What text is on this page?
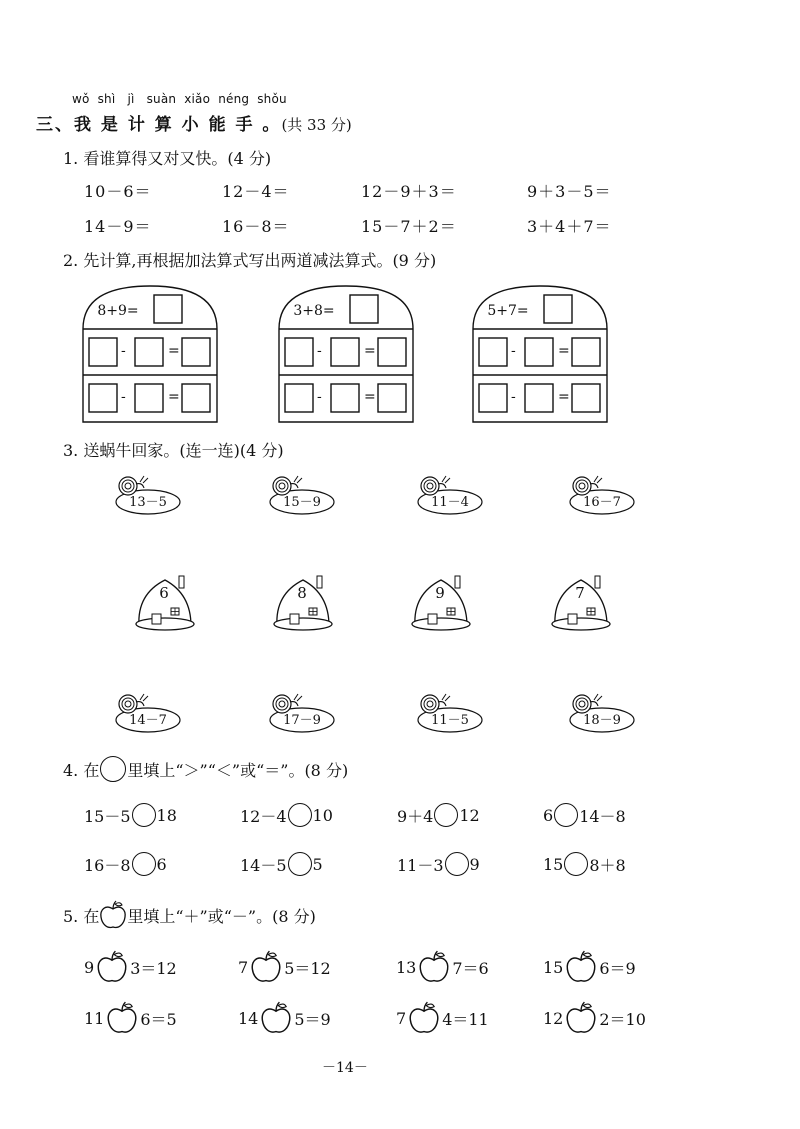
wǒ shì jì suàn xiǎo néng shǒu
三、我 是 计 算 小 能 手 。(共 33 分)
1. 看谁算得又对又快。(4 分)
10－6＝	12－4＝	12－9＋3＝	9＋3－5＝
14－9＝	16－8＝	15－7＋2＝	3＋4＋7＝
2. 先计算,再根据加法算式写出两道减法算式。(9 分)
8+9=
-	=
-	=
3+8=
-	=
-	=
5+7=
-	=
-	=
3. 送蜗牛回家。(连一连)(4 分)
13－5	15－9	11－4	16－7
6	8	9	7
14－7	17－9	11－5	18－9
4. 在 里填上“＞”“＜”或“＝”。(8 分)
15－5 18	12－4 10	9＋4 12	6 14－8
16－8 6	14－5 5	11－3 9	15 8＋8
5. 在 里填上“＋”或“－”。(8 分)
9 3＝12	7 5＝12	13 7＝6	15 6＝9
11 6＝5	14 5＝9	7 4＝11	12 2＝10
－14－
